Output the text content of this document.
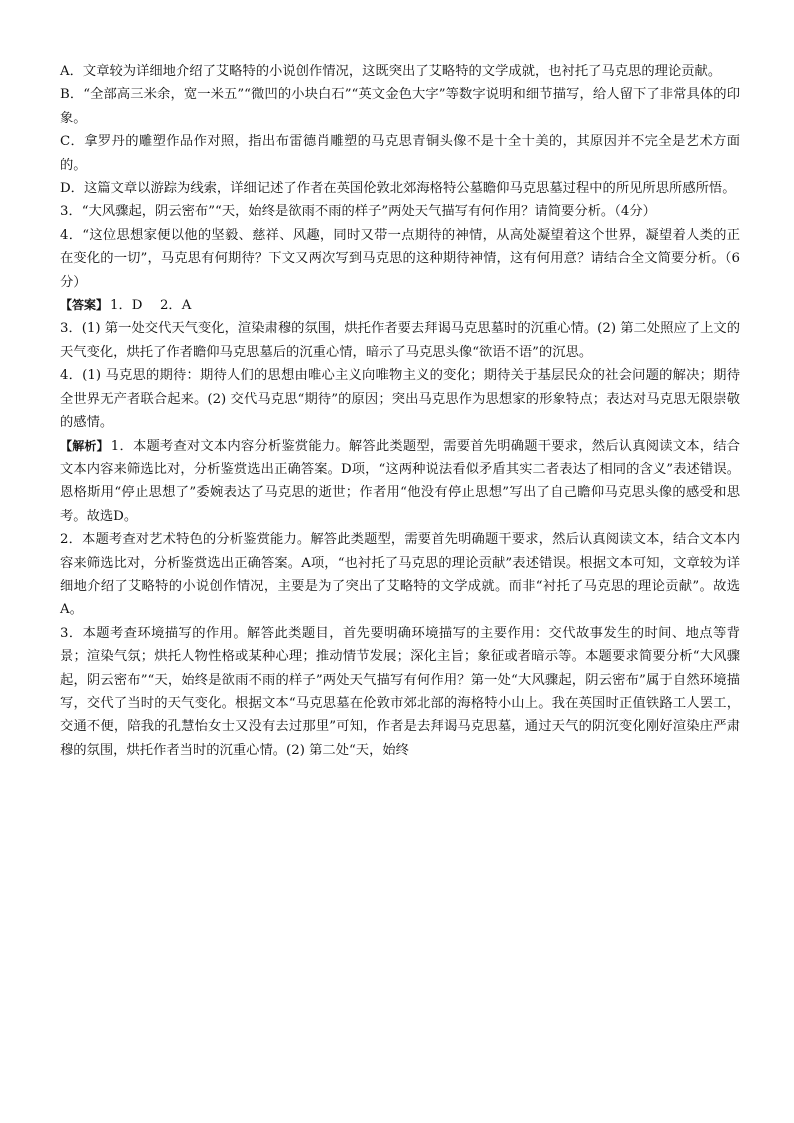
A．文章较为详细地介绍了艾略特的小说创作情况，这既突出了艾略特的文学成就，也衬托了马克思的理论贡献。

B．“全部高三米余，宽一米五”“微凹的小块白石”“英文金色大字”等数字说明和细节描写，给人留下了非常具体的印象。

C．拿罗丹的雕塑作品作对照，指出布雷德肖雕塑的马克思青铜头像不是十全十美的，其原因并不完全是艺术方面的。

D．这篇文章以游踪为线索，详细记述了作者在英国伦敦北郊海格特公墓瞻仰马克思墓过程中的所见所思所感所悟。

3．“大风骤起，阴云密布”“天，始终是欲雨不雨的样子”两处天气描写有何作用？请简要分析。（4分）

4．“这位思想家便以他的坚毅、慈祥、风趣，同时又带一点期待的神情，从高处凝望着这个世界，凝望着人类的正在变化的一切”，马克思有何期待？下文又两次写到马克思的这种期待神情，这有何用意？请结合全文简要分析。（6分）

【答案】 1．D　 2．A

3．(1) 第一处交代天气变化，渲染肃穆的氛围，烘托作者要去拜谒马克思墓时的沉重心情。(2) 第二处照应了上文的天气变化，烘托了作者瞻仰马克思墓后的沉重心情，暗示了马克思头像“欲语不语”的沉思。

4．(1) 马克思的期待：期待人们的思想由唯心主义向唯物主义的变化；期待关于基层民众的社会问题的解决；期待全世界无产者联合起来。(2) 交代马克思“期待”的原因；突出马克思作为思想家的形象特点；表达对马克思无限崇敬的感情。

【解析】 1．本题考查对文本内容分析鉴赏能力。解答此类题型，需要首先明确题干要求，然后认真阅读文本，结合文本内容来筛选比对，分析鉴赏选出正确答案。D项，“这两种说法看似矛盾其实二者表达了相同的含义”表述错误。恩格斯用“停止思想了”委婉表达了马克思的逝世；作者用“他没有停止思想”写出了自己瞻仰马克思头像的感受和思考。故选D。

2．本题考查对艺术特色的分析鉴赏能力。解答此类题型，需要首先明确题干要求，然后认真阅读文本，结合文本内容来筛选比对，分析鉴赏选出正确答案。A项，“也衬托了马克思的理论贡献”表述错误。根据文本可知，文章较为详细地介绍了艾略特的小说创作情况，主要是为了突出了艾略特的文学成就。而非“衬托了马克思的理论贡献”。故选A。

3．本题考查环境描写的作用。解答此类题目，首先要明确环境描写的主要作用：交代故事发生的时间、地点等背景；渲染气氛；烘托人物性格或某种心理；推动情节发展；深化主旨；象征或者暗示等。本题要求简要分析“大风骤起，阴云密布”“天，始终是欲雨不雨的样子”两处天气描写有何作用？第一处“大风骤起，阴云密布”属于自然环境描写，交代了当时的天气变化。根据文本“马克思墓在伦敦市郊北部的海格特小山上。我在英国时正值铁路工人罢工，交通不便，陪我的孔慧怡女士又没有去过那里”可知，作者是去拜谒马克思墓，通过天气的阴沉变化刚好渲染庄严肃穆的氛围，烘托作者当时的沉重心情。(2) 第二处“天，始终
